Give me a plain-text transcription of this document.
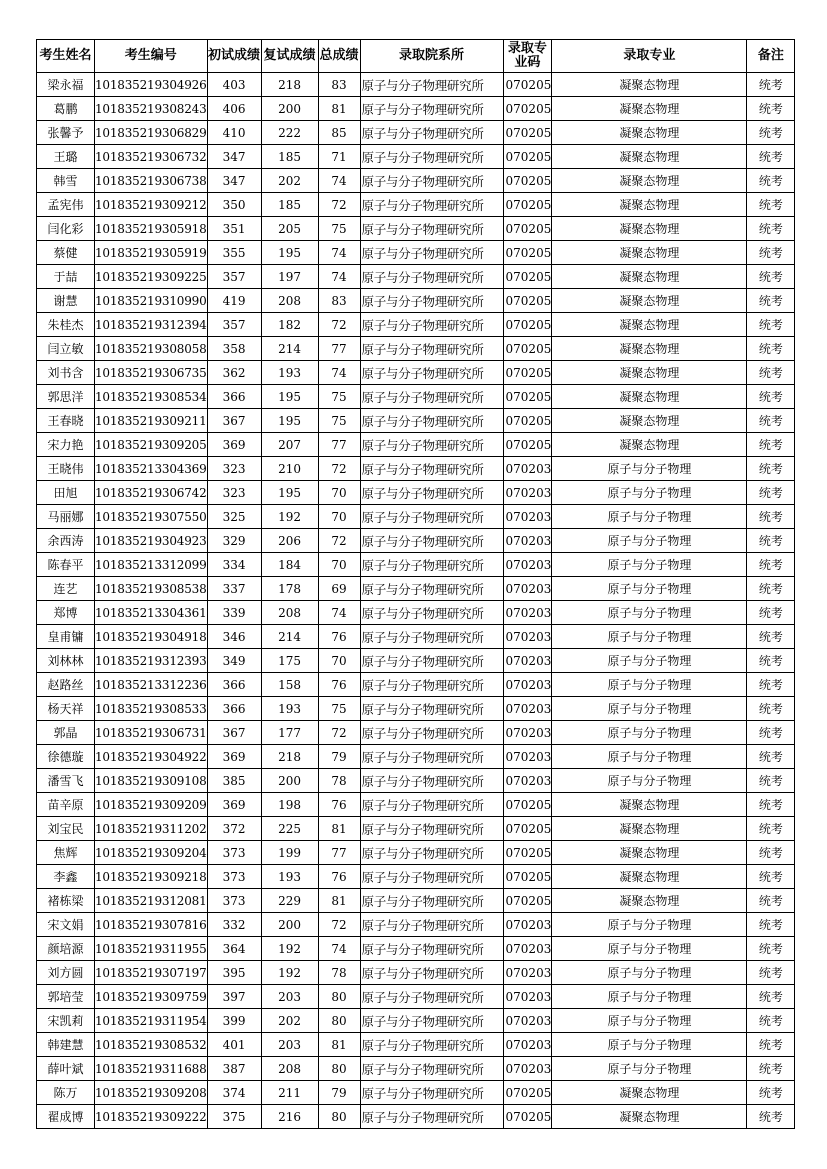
考生姓名	考生编号	初试成绩	复试成绩	总成绩	录取院系所	录取专业码	录取专业	备注
梁永福	101835219304926	403	218	83	原子与分子物理研究所	070205	凝聚态物理	统考
葛鹏	101835219308243	406	200	81	原子与分子物理研究所	070205	凝聚态物理	统考
张馨予	101835219306829	410	222	85	原子与分子物理研究所	070205	凝聚态物理	统考
王璐	101835219306732	347	185	71	原子与分子物理研究所	070205	凝聚态物理	统考
韩雪	101835219306738	347	202	74	原子与分子物理研究所	070205	凝聚态物理	统考
孟宪伟	101835219309212	350	185	72	原子与分子物理研究所	070205	凝聚态物理	统考
闫化彩	101835219305918	351	205	75	原子与分子物理研究所	070205	凝聚态物理	统考
蔡健	101835219305919	355	195	74	原子与分子物理研究所	070205	凝聚态物理	统考
于喆	101835219309225	357	197	74	原子与分子物理研究所	070205	凝聚态物理	统考
谢慧	101835219310990	419	208	83	原子与分子物理研究所	070205	凝聚态物理	统考
朱桂杰	101835219312394	357	182	72	原子与分子物理研究所	070205	凝聚态物理	统考
闫立敏	101835219308058	358	214	77	原子与分子物理研究所	070205	凝聚态物理	统考
刘书含	101835219306735	362	193	74	原子与分子物理研究所	070205	凝聚态物理	统考
郭思洋	101835219308534	366	195	75	原子与分子物理研究所	070205	凝聚态物理	统考
王春晓	101835219309211	367	195	75	原子与分子物理研究所	070205	凝聚态物理	统考
宋力艳	101835219309205	369	207	77	原子与分子物理研究所	070205	凝聚态物理	统考
王晓伟	101835213304369	323	210	72	原子与分子物理研究所	070203	原子与分子物理	统考
田旭	101835219306742	323	195	70	原子与分子物理研究所	070203	原子与分子物理	统考
马丽娜	101835219307550	325	192	70	原子与分子物理研究所	070203	原子与分子物理	统考
余西涛	101835219304923	329	206	72	原子与分子物理研究所	070203	原子与分子物理	统考
陈春平	101835213312099	334	184	70	原子与分子物理研究所	070203	原子与分子物理	统考
连艺	101835219308538	337	178	69	原子与分子物理研究所	070203	原子与分子物理	统考
郑博	101835213304361	339	208	74	原子与分子物理研究所	070203	原子与分子物理	统考
皇甫镛	101835219304918	346	214	76	原子与分子物理研究所	070203	原子与分子物理	统考
刘林林	101835219312393	349	175	70	原子与分子物理研究所	070203	原子与分子物理	统考
赵路丝	101835213312236	366	158	76	原子与分子物理研究所	070203	原子与分子物理	统考
杨天祥	101835219308533	366	193	75	原子与分子物理研究所	070203	原子与分子物理	统考
郭晶	101835219306731	367	177	72	原子与分子物理研究所	070203	原子与分子物理	统考
徐德璇	101835219304922	369	218	79	原子与分子物理研究所	070203	原子与分子物理	统考
潘雪飞	101835219309108	385	200	78	原子与分子物理研究所	070203	原子与分子物理	统考
苗辛原	101835219309209	369	198	76	原子与分子物理研究所	070205	凝聚态物理	统考
刘宝民	101835219311202	372	225	81	原子与分子物理研究所	070205	凝聚态物理	统考
焦辉	101835219309204	373	199	77	原子与分子物理研究所	070205	凝聚态物理	统考
李鑫	101835219309218	373	193	76	原子与分子物理研究所	070205	凝聚态物理	统考
褚栋梁	101835219312081	373	229	81	原子与分子物理研究所	070205	凝聚态物理	统考
宋文娟	101835219307816	332	200	72	原子与分子物理研究所	070203	原子与分子物理	统考
颜培源	101835219311955	364	192	74	原子与分子物理研究所	070203	原子与分子物理	统考
刘方圆	101835219307197	395	192	78	原子与分子物理研究所	070203	原子与分子物理	统考
郭培莹	101835219309759	397	203	80	原子与分子物理研究所	070203	原子与分子物理	统考
宋凯莉	101835219311954	399	202	80	原子与分子物理研究所	070203	原子与分子物理	统考
韩建慧	101835219308532	401	203	81	原子与分子物理研究所	070203	原子与分子物理	统考
薛叶斌	101835219311688	387	208	80	原子与分子物理研究所	070203	原子与分子物理	统考
陈万	101835219309208	374	211	79	原子与分子物理研究所	070205	凝聚态物理	统考
翟成博	101835219309222	375	216	80	原子与分子物理研究所	070205	凝聚态物理	统考
